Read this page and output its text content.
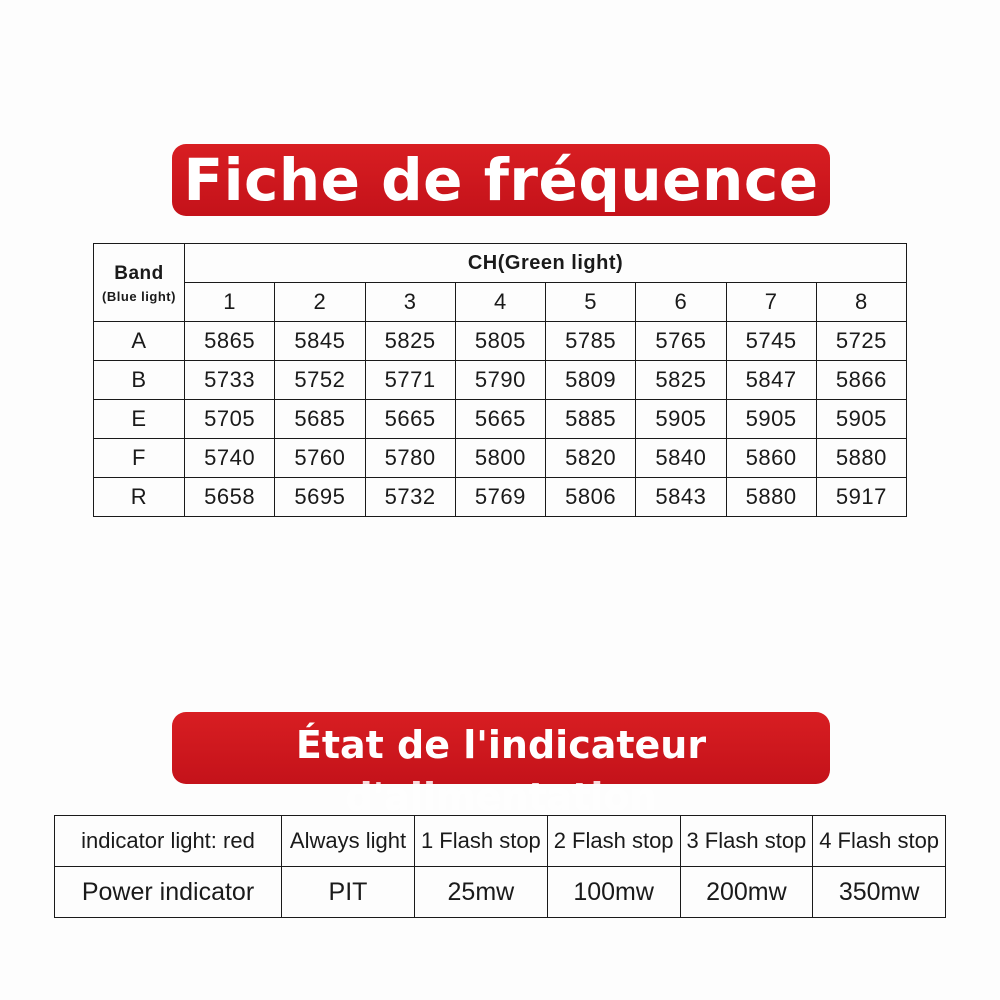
Fiche de fréquence
Band
(Blue light)	CH(Green light)							
	1	2	3	4	5	6	7	8
A	5865	5845	5825	5805	5785	5765	5745	5725
B	5733	5752	5771	5790	5809	5825	5847	5866
E	5705	5685	5665	5665	5885	5905	5905	5905
F	5740	5760	5780	5800	5820	5840	5860	5880
R	5658	5695	5732	5769	5806	5843	5880	5917
État de l'indicateur
d'alimentation
indicator light: red	Always light	1 Flash stop	2 Flash stop	3 Flash stop	4 Flash stop
Power indicator	PIT	25mw	100mw	200mw	350mw
